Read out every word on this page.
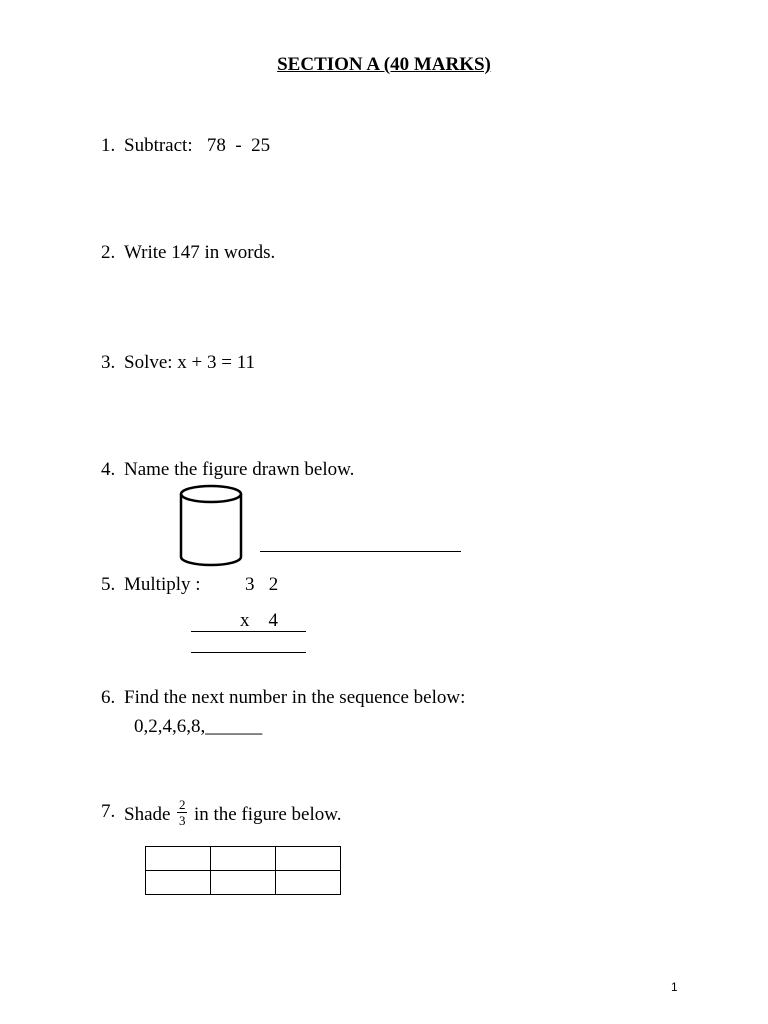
SECTION A (40 MARKS)
1. Subtract:   78  -  25
2. Write 147 in words.
3. Solve: x + 3 = 11
4. Name the figure drawn below.
5. Multiply : 3   2
x    4
6. Find the next number in the sequence below:
0,2,4,6,8,______
7. Shade $\frac{2}{3}$ in the figure below.

1
